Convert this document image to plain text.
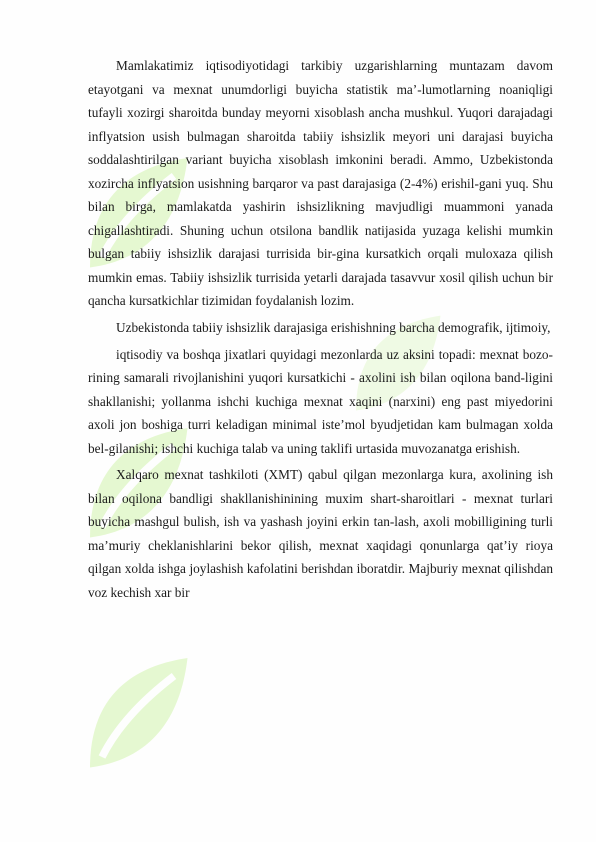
Mamlakatimiz iqtisodiyotidagi tarkibiy uzgarishlarning muntazam davom etayotgani va mexnat unumdorligi buyicha statistik ma’-lumotlarning noaniqligi tufayli xozirgi sharoitda bunday meyorni xisoblash ancha mushkul. Yuqori darajadagi inflyatsion usish bulmagan sharoitda tabiiy ishsizlik meyori uni darajasi buyicha soddalashtirilgan variant buyicha xisoblash imkonini beradi. Ammo, Uzbekistonda xozircha inflyatsion usishning barqaror va past darajasiga (2-4%) erishil-gani yuq. Shu bilan birga, mamlakatda yashirin ishsizlikning mavjudligi muammoni yanada chigallashtiradi. Shuning uchun otsilona bandlik natijasida yuzaga kelishi mumkin bulgan tabiiy ishsizlik darajasi turrisida bir-gina kursatkich orqali muloxaza qilish mumkin emas. Tabiiy ishsizlik turrisida yetarli darajada tasavvur xosil qilish uchun bir qancha kursatkichlar tizimidan foydalanish lozim.

Uzbekistonda tabiiy ishsizlik darajasiga erishishning barcha demografik, ijtimoiy,

iqtisodiy va boshqa jixatlari quyidagi mezonlarda uz aksini topadi: mexnat bozo-rining samarali rivojlanishini yuqori kursatkichi - axolini ish bilan oqilona band-ligini shakllanishi; yollanma ishchi kuchiga mexnat xaqini (narxini) eng past miyedorini axoli jon boshiga turri keladigan minimal iste’mol byudjetidan kam bulmagan xolda bel-gilanishi; ishchi kuchiga talab va uning taklifi urtasida muvozanatga erishish.

Xalqaro mexnat tashkiloti (XMT) qabul qilgan mezonlarga kura, axolining ish bilan oqilona bandligi shakllanishinining muxim shart-sharoitlari - mexnat turlari buyicha mashgul bulish, ish va yashash joyini erkin tan-lash, axoli mobilligining turli ma’muriy cheklanishlarini bekor qilish, mexnat xaqidagi qonunlarga qat’iy rioya qilgan xolda ishga joylashish kafolatini berishdan iboratdir. Majburiy mexnat qilishdan voz kechish xar bir
